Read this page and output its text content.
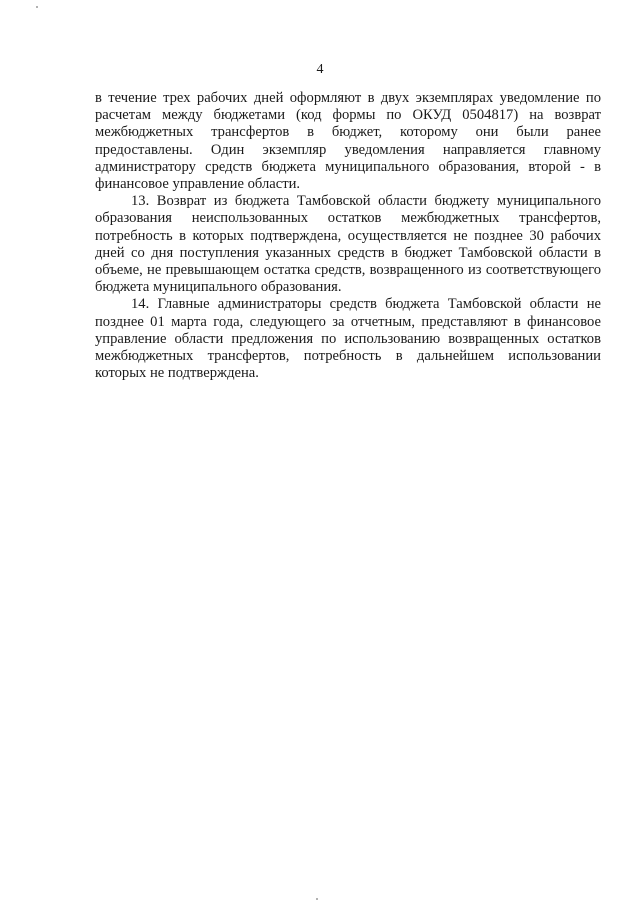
4

в течение трех рабочих дней оформляют в двух экземплярах уведомление по расчетам между бюджетами (код формы по ОКУД 0504817) на возврат межбюджетных трансфертов в бюджет, которому они были ранее предоставлены. Один экземпляр уведомления направляется главному администратору средств бюджета муниципального образования, второй - в финансовое управление области.

13. Возврат из бюджета Тамбовской области бюджету муниципального образования неиспользованных остатков межбюджетных трансфертов, потребность в которых подтверждена, осуществляется не позднее 30 рабочих дней со дня поступления указанных средств в бюджет Тамбовской области в объеме, не превышающем остатка средств, возвращенного из соответствующего бюджета муниципального образования.

14. Главные администраторы средств бюджета Тамбовской области не позднее 01 марта года, следующего за отчетным, представляют в финансовое управление области предложения по использованию возвращенных остатков межбюджетных трансфертов, потребность в дальнейшем использовании которых не подтверждена.
